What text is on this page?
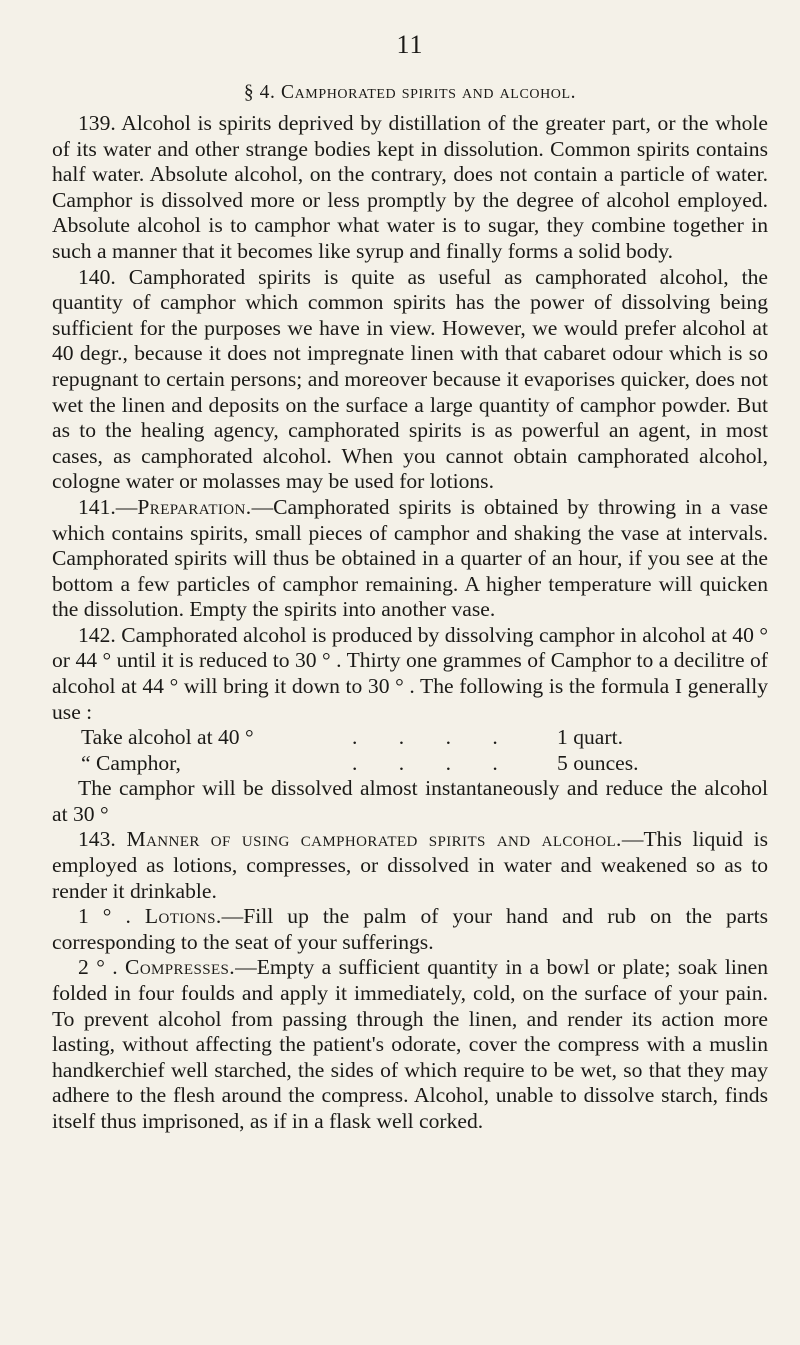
11
§ 4. Camphorated spirits and alcohol.

139. Alcohol is spirits deprived by distillation of the greater part, or the whole of its water and other strange bodies kept in dissolution. Common spirits contains half water. Absolute alcohol, on the contrary, does not contain a particle of water. Camphor is dissolved more or less promptly by the degree of alcohol employed. Absolute alcohol is to camphor what water is to sugar, they combine together in such a manner that it becomes like syrup and finally forms a solid body.

140. Camphorated spirits is quite as useful as camphorated alcohol, the quantity of camphor which common spirits has the power of dissolving being sufficient for the purposes we have in view. However, we would prefer alcohol at 40 degr., because it does not impregnate linen with that cabaret odour which is so repugnant to certain persons; and moreover because it evaporises quicker, does not wet the linen and deposits on the surface a large quantity of camphor powder. But as to the healing agency, camphorated spirits is as powerful an agent, in most cases, as camphorated alcohol. When you cannot obtain camphorated alcohol, cologne water or molasses may be used for lotions.

141.—Preparation.—Camphorated spirits is obtained by throwing in a vase which contains spirits, small pieces of camphor and shaking the vase at intervals. Camphorated spirits will thus be obtained in a quarter of an hour, if you see at the bottom a few particles of camphor remaining. A higher temperature will quicken the dissolution. Empty the spirits into another vase.

142. Camphorated alcohol is produced by dissolving camphor in alcohol at 40 ° or 44 ° until it is reduced to 30 ° . Thirty one grammes of Camphor to a decilitre of alcohol at 44 ° will bring it down to 30 ° . The following is the formula I generally use :

Take alcohol at 40 °	. . . . 1 quart.
“ Camphor,	. . . . 5 ounces.

The camphor will be dissolved almost instantaneously and reduce the alcohol at 30 °

143. Manner of using camphorated spirits and alcohol.—This liquid is employed as lotions, compresses, or dissolved in water and weakened so as to render it drinkable.

1 ° . Lotions.—Fill up the palm of your hand and rub on the parts corresponding to the seat of your sufferings.

2 ° . Compresses.—Empty a sufficient quantity in a bowl or plate; soak linen folded in four foulds and apply it immediately, cold, on the surface of your pain. To prevent alcohol from passing through the linen, and render its action more lasting, without affecting the patient's odorate, cover the compress with a muslin handkerchief well starched, the sides of which require to be wet, so that they may adhere to the flesh around the compress. Alcohol, unable to dissolve starch, finds itself thus imprisoned, as if in a flask well corked.
